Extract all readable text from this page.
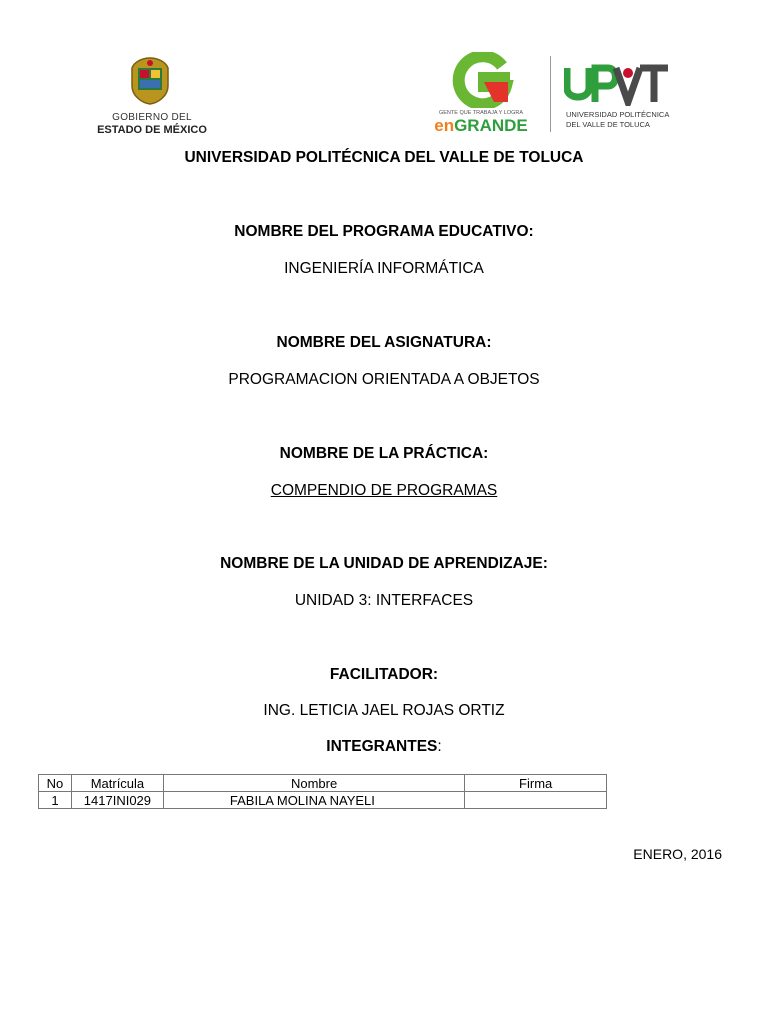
GOBIERNO DEL
ESTADO DE MÉXICO
GENTE QUE TRABAJA Y LOGRA
enGRANDE
UNIVERSIDAD POLITÉCNICA
DEL VALLE DE TOLUCA
UNIVERSIDAD POLITÉCNICA DEL VALLE DE TOLUCA
NOMBRE DEL PROGRAMA EDUCATIVO:
INGENIERÍA INFORMÁTICA
NOMBRE DEL ASIGNATURA:
PROGRAMACION ORIENTADA A OBJETOS
NOMBRE DE LA PRÁCTICA:
COMPENDIO DE PROGRAMAS
NOMBRE DE LA UNIDAD DE APRENDIZAJE:
UNIDAD 3: INTERFACES
FACILITADOR:
ING. LETICIA JAEL ROJAS ORTIZ
INTEGRANTES:
No	Matrícula	Nombre	Firma
1	1417INI029	FABILA MOLINA NAYELI	
ENERO, 2016
